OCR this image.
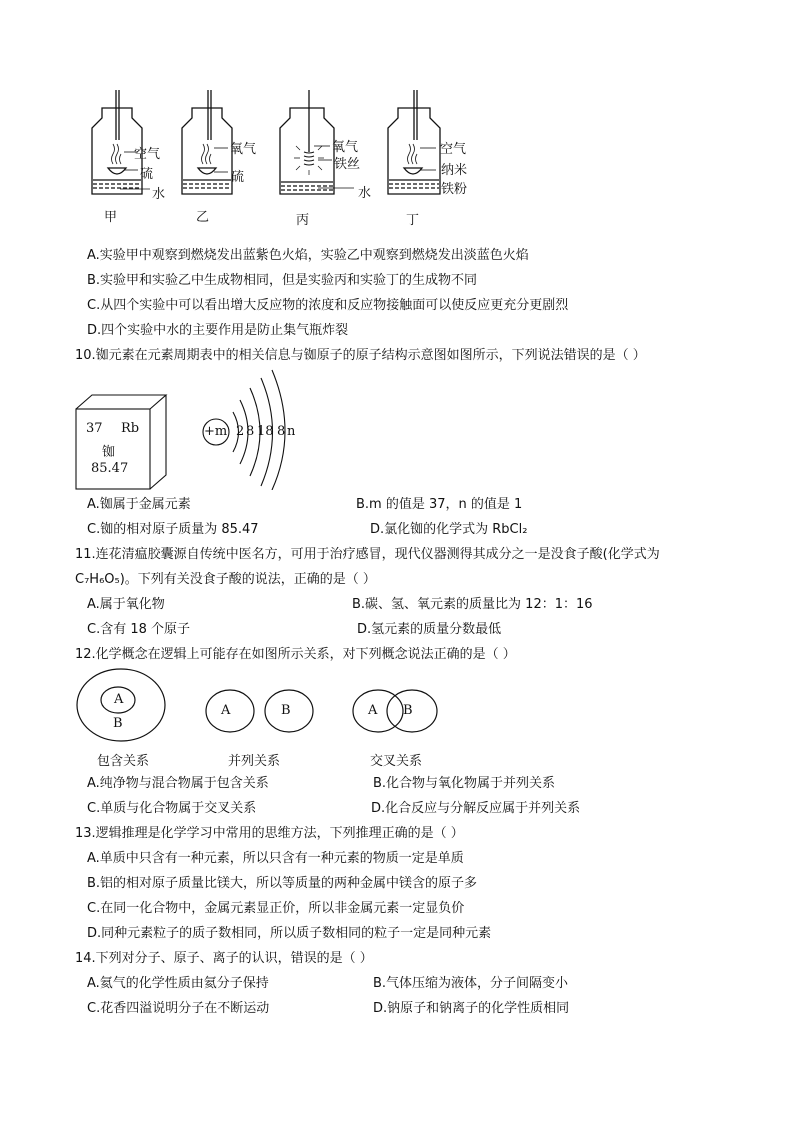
空气
硫
水
甲
氧气
硫
乙
氧气
铁丝
水
丙
空气
纳米
铁粉
丁
A.实验甲中观察到燃烧发出蓝紫色火焰，实验乙中观察到燃烧发出淡蓝色火焰
B.实验甲和实验乙中生成物相同，但是实验丙和实验丁的生成物不同
C.从四个实验中可以看出增大反应物的浓度和反应物接触面可以使反应更充分更剧烈
D.四个实验中水的主要作用是防止集气瓶炸裂
10.铷元素在元素周期表中的相关信息与铷原子的原子结构示意图如图所示，下列说法错误的是（ ）
37 Rb
铷
85.47
+m 2 8 18 8 n
A.铷属于金属元素	B.m 的值是 37，n 的值是 1
C.铷的相对原子质量为 85.47	D.氯化铷的化学式为 RbCl₂
11.连花清瘟胶囊源自传统中医名方，可用于治疗感冒，现代仪器测得其成分之一是没食子酸(化学式为
C₇H₆O₅)。下列有关没食子酸的说法，正确的是（ ）
A.属于氧化物	B.碳、氢、氧元素的质量比为 12：1：16
C.含有 18 个原子	D.氢元素的质量分数最低
12.化学概念在逻辑上可能存在如图所示关系，对下列概念说法正确的是（ ）
A
B
A	B	A B
包含关系	并列关系	交叉关系
A.纯净物与混合物属于包含关系	B.化合物与氧化物属于并列关系
C.单质与化合物属于交叉关系	D.化合反应与分解反应属于并列关系
13.逻辑推理是化学学习中常用的思维方法，下列推理正确的是（ ）
A.单质中只含有一种元素，所以只含有一种元素的物质一定是单质
B.铝的相对原子质量比镁大，所以等质量的两种金属中镁含的原子多
C.在同一化合物中，金属元素显正价，所以非金属元素一定显负价
D.同种元素粒子的质子数相同，所以质子数相同的粒子一定是同种元素
14.下列对分子、原子、离子的认识，错误的是（ ）
A.氦气的化学性质由氦分子保持	B.气体压缩为液体，分子间隔变小
C.花香四溢说明分子在不断运动	D.钠原子和钠离子的化学性质相同
